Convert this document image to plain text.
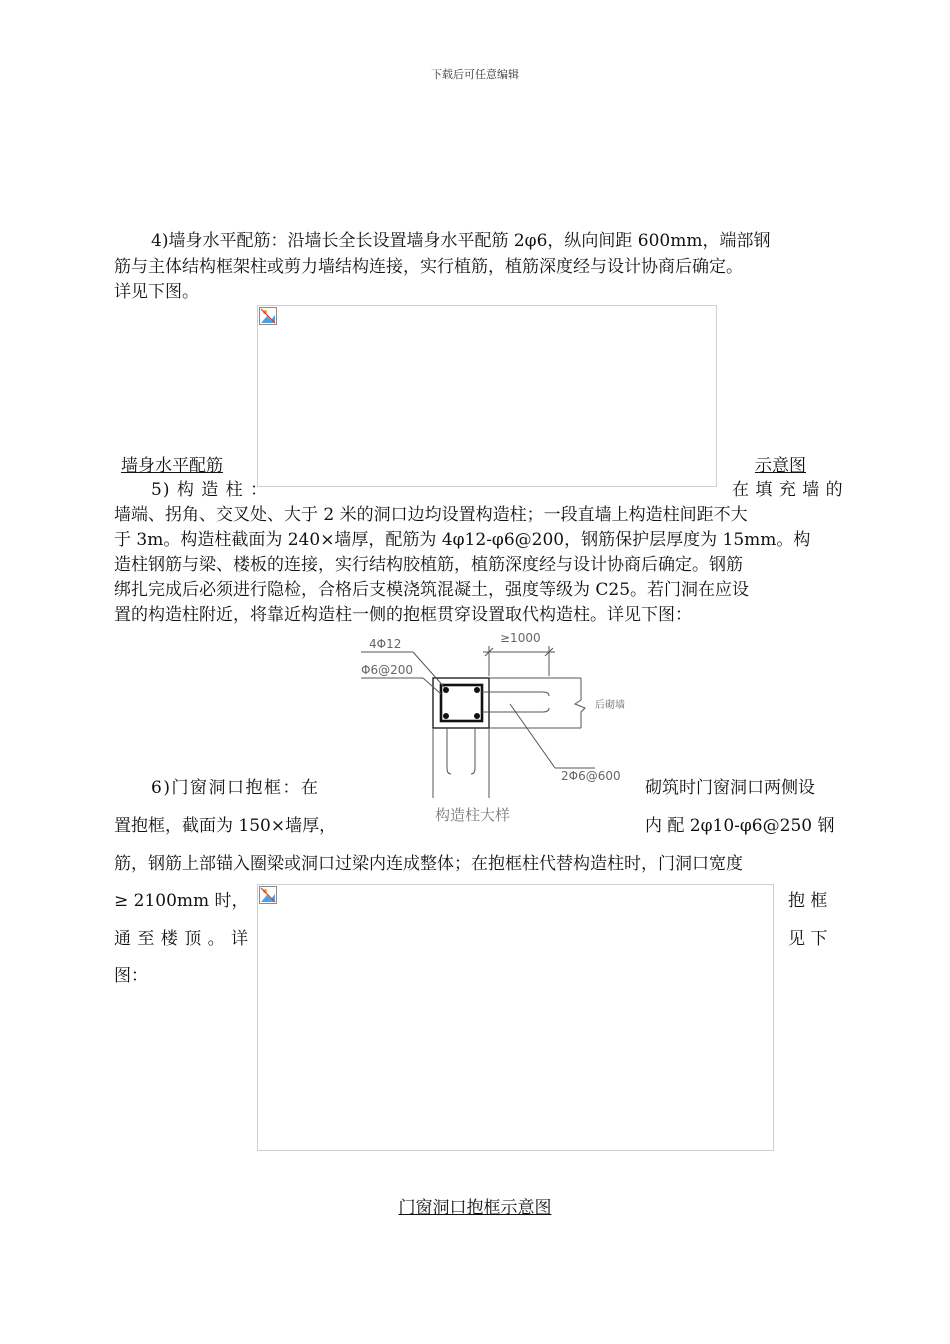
下载后可任意编辑
4)墙身水平配筋：沿墙长全长设置墙身水平配筋 2φ6，纵向间距 600mm，端部钢
筋与主体结构框架柱或剪力墙结构连接，实行植筋，植筋深度经与设计协商后确定。
详见下图。
墙身水平配筋	示意图
5) 构 造 柱 ：	在 填 充 墙 的
墙端、拐角、交叉处、大于 2 米的洞口边均设置构造柱；一段直墙上构造柱间距不大
于 3m。构造柱截面为 240×墙厚，配筋为 4φ12-φ6@200，钢筋保护层厚度为 15mm。构
造柱钢筋与梁、楼板的连接，实行结构胶植筋，植筋深度经与设计协商后确定。钢筋
绑扎完成后必须进行隐检，合格后支模浇筑混凝土，强度等级为 C25。若门洞在应设
置的构造柱附近，将靠近构造柱一侧的抱框贯穿设置取代构造柱。详见下图：
4Φ12
Φ6@200
≥1000
后砌墙
2Φ6@600
构造柱大样
6)门窗洞口抱框：在	砌筑时门窗洞口两侧设
置抱框，截面为 150×墙厚，	内 配 2φ10-φ6@250 钢
筋，钢筋上部锚入圈梁或洞口过梁内连成整体；在抱框柱代替构造柱时，门洞口宽度
≥ 2100mm 时，	抱 框
通 至 楼 顶 。 详	见 下
图：
门窗洞口抱框示意图
